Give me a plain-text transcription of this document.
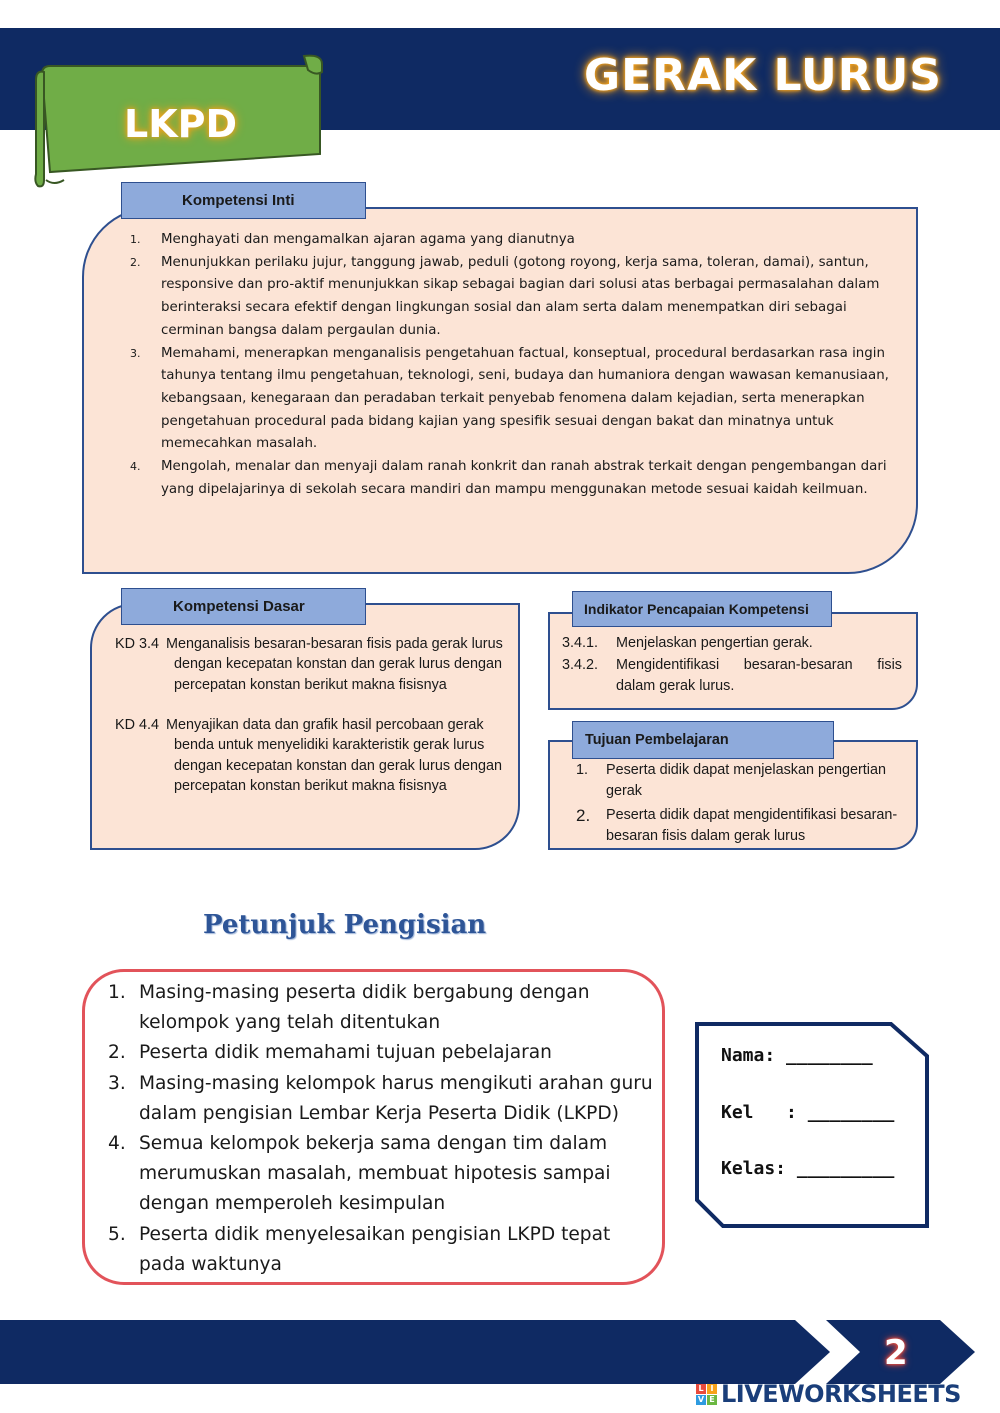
GERAK LURUS
LKPD
Kompetensi Inti
1. Menghayati dan mengamalkan ajaran agama yang dianutnya
2. Menunjukkan perilaku jujur, tanggung jawab, peduli (gotong royong, kerja sama, toleran, damai), santun, responsive dan pro-aktif menunjukkan sikap sebagai bagian dari solusi atas berbagai permasalahan dalam berinteraksi secara efektif dengan lingkungan sosial dan alam serta dalam menempatkan diri sebagai cerminan bangsa dalam pergaulan dunia.
3. Memahami, menerapkan menganalisis pengetahuan factual, konseptual, procedural berdasarkan rasa ingin tahunya tentang ilmu pengetahuan, teknologi, seni, budaya dan humaniora dengan wawasan kemanusiaan, kebangsaan, kenegaraan dan peradaban terkait penyebab fenomena dalam kejadian, serta menerapkan pengetahuan procedural pada bidang kajian yang spesifik sesuai dengan bakat dan minatnya untuk memecahkan masalah.
4. Mengolah, menalar dan menyaji dalam ranah konkrit dan ranah abstrak terkait dengan pengembangan dari yang dipelajarinya di sekolah secara mandiri dan mampu menggunakan metode sesuai kaidah keilmuan.
Kompetensi Dasar
KD 3.4 Menganalisis besaran-besaran fisis pada gerak lurus dengan kecepatan konstan dan gerak lurus dengan percepatan konstan berikut makna fisisnya
KD 4.4 Menyajikan data dan grafik hasil percobaan gerak benda untuk menyelidiki karakteristik gerak lurus dengan kecepatan konstan dan gerak lurus dengan percepatan konstan berikut makna fisisnya
Indikator Pencapaian Kompetensi
3.4.1.	Menjelaskan pengertian gerak.
3.4.2.	Mengidentifikasi besaran-besaran fisis dalam gerak lurus.
Tujuan Pembelajaran
1.	Peserta didik dapat menjelaskan pengertian gerak
2.	Peserta didik dapat mengidentifikasi besaran-besaran fisis dalam gerak lurus
Petunjuk Pengisian
1. Masing-masing peserta didik bergabung dengan kelompok yang telah ditentukan
2. Peserta didik memahami tujuan pebelajaran
3. Masing-masing kelompok harus mengikuti arahan guru dalam pengisian Lembar Kerja Peserta Didik (LKPD)
4. Semua kelompok bekerja sama dengan tim dalam merumuskan masalah, membuat hipotesis sampai dengan memperoleh kesimpulan
5. Peserta didik menyelesaikan pengisian LKPD tepat pada waktunya
Nama: ________
Kel   : ________
Kelas: _________
2
L I
V E LIVEWORKSHEETS
